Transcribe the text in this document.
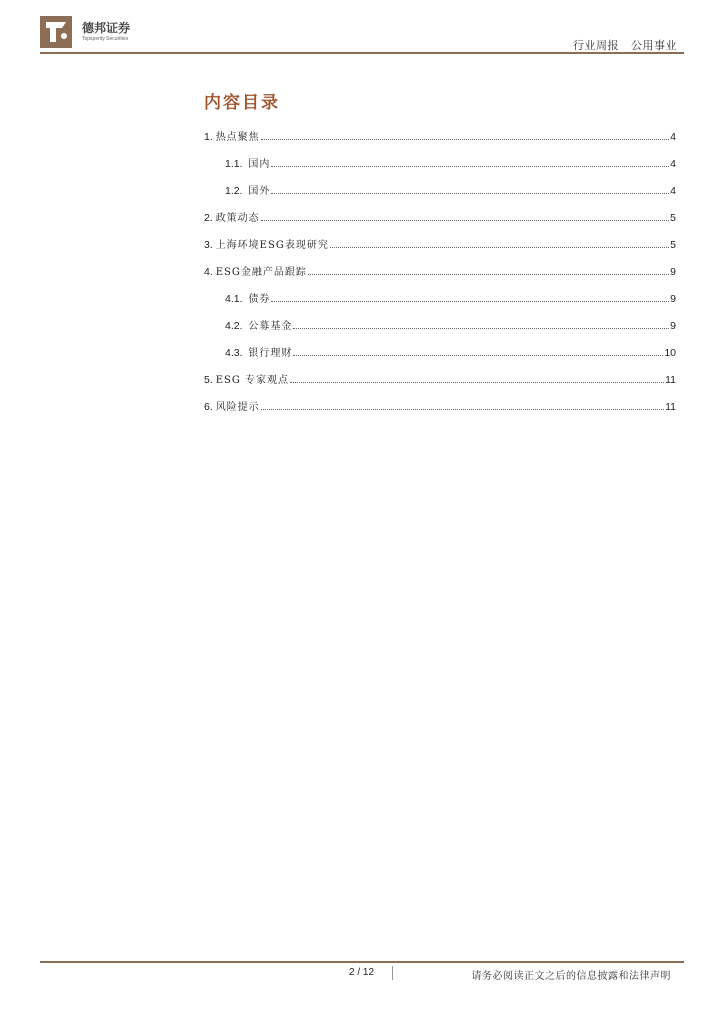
德邦证券
Topsperity Securities	行业周报 公用事业
内容目录
1. 热点聚焦	4
1.1. 国内	4
1.2. 国外	4
2. 政策动态	5
3. 上海环境ESG表现研究	5
4. ESG金融产品跟踪	9
4.1. 债券	9
4.2. 公募基金	9
4.3. 银行理财	10
5. ESG 专家观点	11
6. 风险提示	11
2 / 12	请务必阅读正文之后的信息披露和法律声明
